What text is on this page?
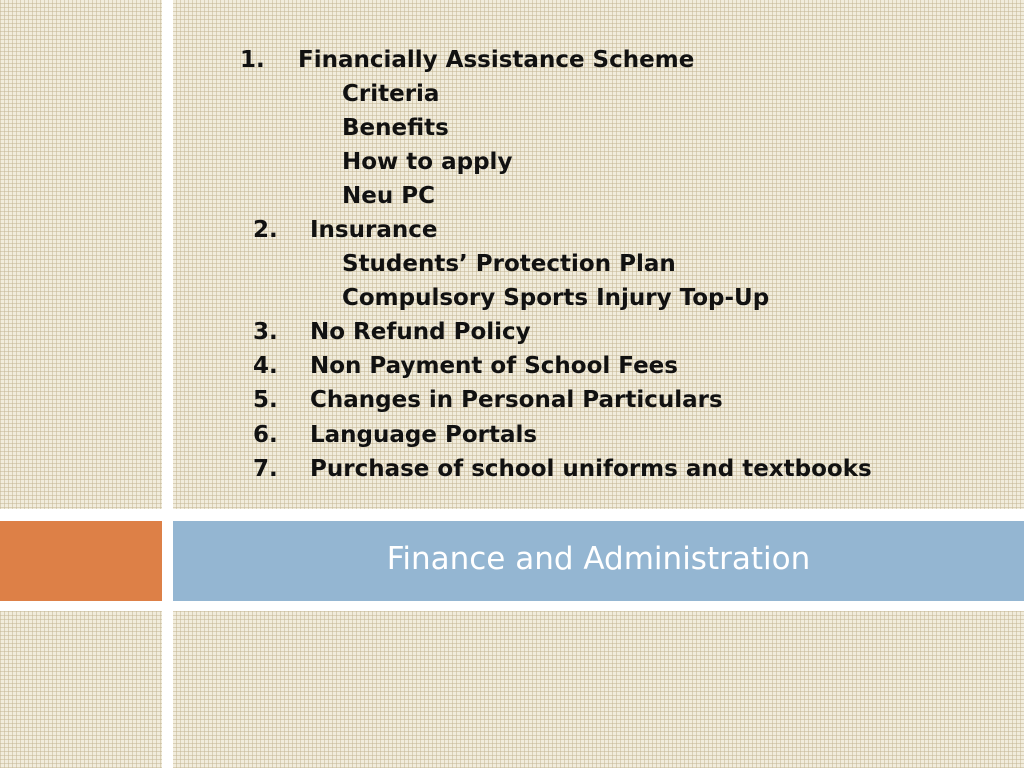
1. Financially Assistance Scheme
Criteria
Benefits
How to apply
Neu PC
2. Insurance
Students’ Protection Plan
Compulsory Sports Injury Top-Up
3. No Refund Policy
4. Non Payment of School Fees
5. Changes in Personal Particulars
6. Language Portals
7. Purchase of school uniforms and textbooks
Finance and Administration
